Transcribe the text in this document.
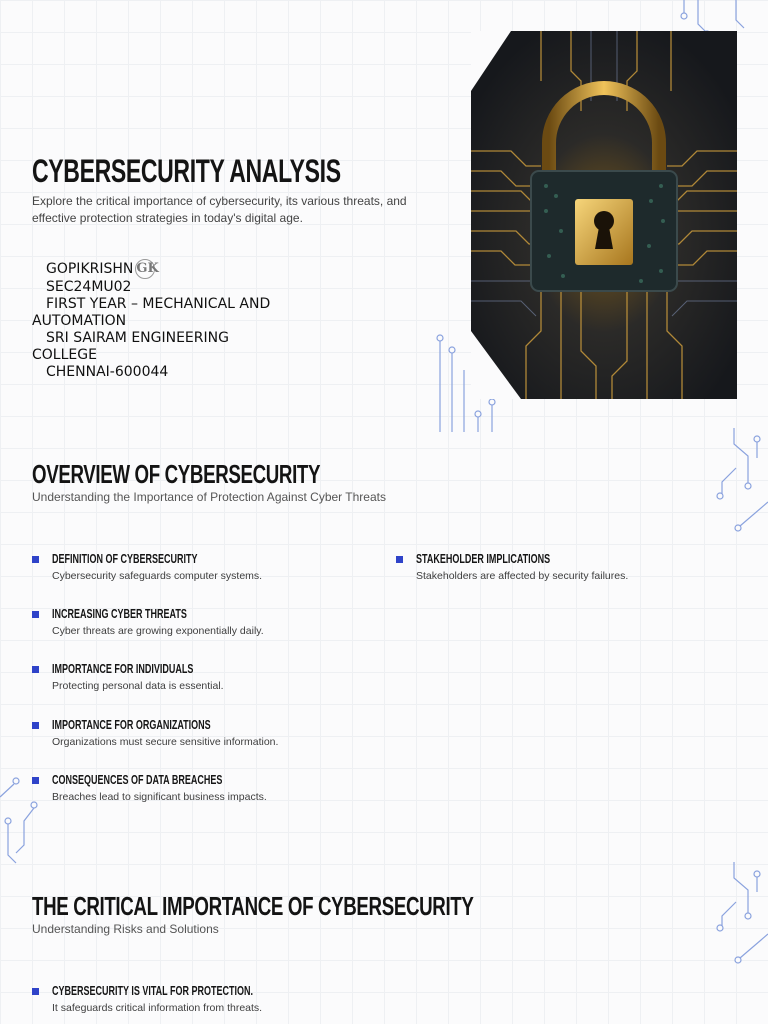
CYBERSECURITY ANALYSIS

Explore the critical importance of cybersecurity, its various threats, and effective protection strategies in today's digital age.

GOPIKRISHN GK
SEC24MU02
FIRST YEAR – MECHANICAL AND
AUTOMATION
SRI SAIRAM ENGINEERING
COLLEGE
CHENNAI-600044
OVERVIEW OF CYBERSECURITY

Understanding the Importance of Protection Against Cyber Threats

DEFINITION OF CYBERSECURITY
Cybersecurity safeguards computer systems.
INCREASING CYBER THREATS
Cyber threats are growing exponentially daily.
IMPORTANCE FOR INDIVIDUALS
Protecting personal data is essential.
IMPORTANCE FOR ORGANIZATIONS
Organizations must secure sensitive information.
CONSEQUENCES OF DATA BREACHES
Breaches lead to significant business impacts.
STAKEHOLDER IMPLICATIONS
Stakeholders are affected by security failures.
THE CRITICAL IMPORTANCE OF CYBERSECURITY

Understanding Risks and Solutions

CYBERSECURITY IS VITAL FOR PROTECTION.
It safeguards critical information from threats.
